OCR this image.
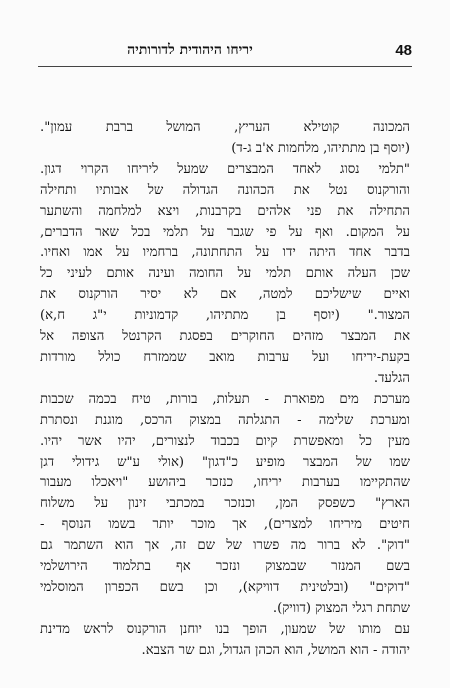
48
יריחו היהודית לדורותיה

המכונה קוטילא העריץ, המושל ברבת עמון".
(יוסף בן מתתיהו, מלחמות א'ב ג-ד)

"תלמי נסוג לאחד המבצרים שמעל ליריחו הקרוי דגון.
והורקנוס נטל את הכהונה הגדולה של אבותיו ותחילה
התחילה את פני אלהים בקרבנות, ויצא למלחמה והשתער
על המקום. ואף על פי שגבר על תלמי בכל שאר הדברים,
בדבר אחד היתה ידו על התחתונה, ברחמיו על אמו ואחיו.
שכן העלה אותם תלמי על החומה ועינה אותם לעיני כל
ואיים שישליכם למטה, אם לא יסיר הורקנוס את
המצור." (יוסף בן מתתיהו, קדמוניות י"ג ח,א)
את המבצר מזהים החוקרים בפסגת הקרנטל הצופה אל
בקעת-יריחו ועל ערבות מואב שממזרח כולל מורדות
הגלעד.

מערכת מים מפוארת - תעלות, בורות, טיח בכמה שכבות
ומערכת שלימה - התגלתה במצוק הרכס, מוגנת ונסתרת
מעין כל ומאפשרת קיום בכבוד לנצורים, יהיו אשר יהיו.
שמו של המבצר מופיע כ"דגון" (אולי ע"ש גידולי דגן
שהתקיימו בערבות יריחו, כנזכר ביהושע "ויאכלו מעבור
הארץ" כשפסק המן, וכנזכר במכתבי זינון על משלוח
חיטים מיריחו למצרים), אך מוכר יותר בשמו הנוסף -
"דוק". לא ברור מה פשרו של שם זה, אך הוא השתמר גם
בשם המנזר שבמצוק ונזכר אף בתלמוד הירושלמי
"דוקים" (ובלטינית דוויקא), וכן בשם הכפרון המוסלמי
שתחת רגלי המצוק (דוויק).

עם מותו של שמעון, הופך בנו יוחנן הורקנוס לראש מדינת
יהודה - הוא המושל, הוא הכהן הגדול, וגם שר הצבא.
